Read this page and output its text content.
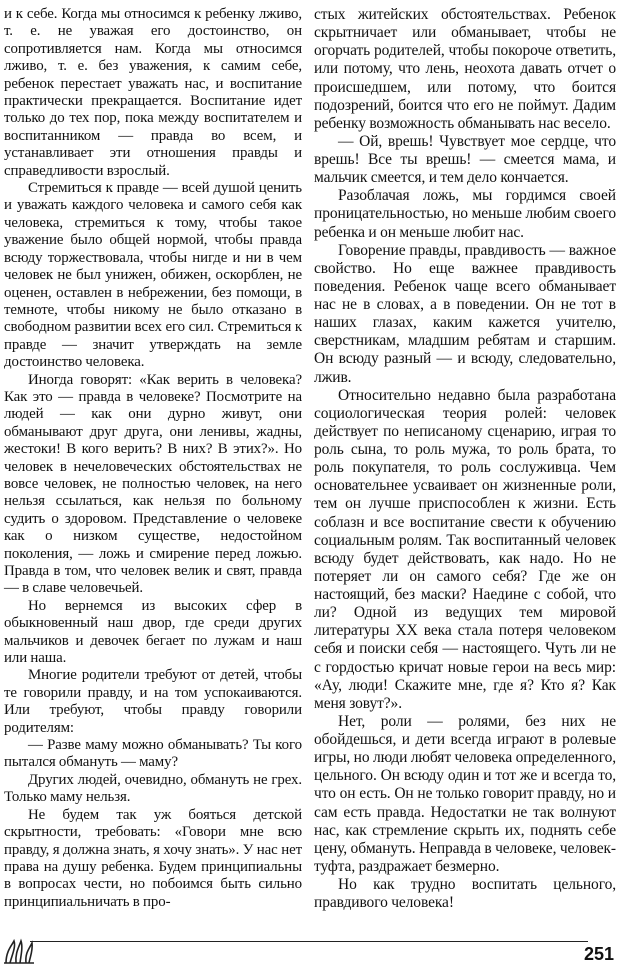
и к себе. Когда мы относимся к ребенку лживо, т. е. не уважая его достоинство, он сопротивляется нам. Когда мы относимся лживо, т. е. без уважения, к самим себе, ребенок перестает уважать нас, и воспитание практически прекращается. Воспитание идет только до тех пор, пока между воспитателем и воспитанником — правда во всем, и устанавливает эти отношения правды и справедливости взрослый.

Стремиться к правде — всей душой ценить и уважать каждого человека и самого себя как человека, стремиться к тому, чтобы такое уважение было общей нормой, чтобы правда всюду торжествовала, чтобы нигде и ни в чем человек не был унижен, обижен, оскорблен, не оценен, оставлен в небрежении, без помощи, в темноте, чтобы никому не было отказано в свободном развитии всех его сил. Стремиться к правде — значит утверждать на земле достоинство человека.

Иногда говорят: «Как верить в человека? Как это — правда в человеке? Посмотрите на людей — как они дурно живут, они обманывают друг друга, они ленивы, жадны, жестоки! В кого верить? В них? В этих?». Но человек в нечеловеческих обстоятельствах не вовсе человек, не полностью человек, на него нельзя ссылаться, как нельзя по больному судить о здоровом. Представление о человеке как о низком существе, недостойном поколения, — ложь и смирение перед ложью. Правда в том, что человек велик и свят, правда — в славе человечьей.

Но вернемся из высоких сфер в обыкновенный наш двор, где среди других мальчиков и девочек бегает по лужам и наш или наша.

Многие родители требуют от детей, чтобы те говорили правду, и на том успокаиваются. Или требуют, чтобы правду говорили родителям:

— Разве маму можно обманывать? Ты кого пытался обмануть — маму?

Других людей, очевидно, обмануть не грех. Только маму нельзя.

Не будем так уж бояться детской скрытности, требовать: «Говори мне всю правду, я должна знать, я хочу знать». У нас нет права на душу ребенка. Будем принципиальны в вопросах чести, но побоимся быть сильно принципиальничать в про-

стых житейских обстоятельствах. Ребенок скрытничает или обманывает, чтобы не огорчать родителей, чтобы покороче ответить, или потому, что лень, неохота давать отчет о происшедшем, или потому, что боится подозрений, боится что его не поймут. Дадим ребенку возможность обманывать нас весело.

— Ой, врешь! Чувствует мое сердце, что врешь! Все ты врешь! — смеется мама, и мальчик смеется, и тем дело кончается.

Разоблачая ложь, мы гордимся своей проницательностью, но меньше любим своего ребенка и он меньше любит нас.

Говорение правды, правдивость — важное свойство. Но еще важнее правдивость поведения. Ребенок чаще всего обманывает нас не в словах, а в поведении. Он не тот в наших глазах, каким кажется учителю, сверстникам, младшим ребятам и старшим. Он всюду разный — и всюду, следовательно, лжив.

Относительно недавно была разработана социологическая теория ролей: человек действует по неписаному сценарию, играя то роль сына, то роль мужа, то роль брата, то роль покупателя, то роль сослуживца. Чем основательнее усваивает он жизненные роли, тем он лучше приспособлен к жизни. Есть соблазн и все воспитание свести к обучению социальным ролям. Так воспитанный человек всюду будет действовать, как надо. Но не потеряет ли он самого себя? Где же он настоящий, без маски? Наедине с собой, что ли? Одной из ведущих тем мировой литературы XX века стала потеря человеком себя и поиски себя — настоящего. Чуть ли не с гордостью кричат новые герои на весь мир: «Ау, люди! Скажите мне, где я? Кто я? Как меня зовут?».

Нет, роли — ролями, без них не обойдешься, и дети всегда играют в ролевые игры, но люди любят человека определенного, цельного. Он всюду один и тот же и всегда то, что он есть. Он не только говорит правду, но и сам есть правда. Недостатки не так волнуют нас, как стремление скрыть их, поднять себе цену, обмануть. Неправда в человеке, человек-туфта, раздражает безмерно.

Но как трудно воспитать цельного, правдивого человека!

251
